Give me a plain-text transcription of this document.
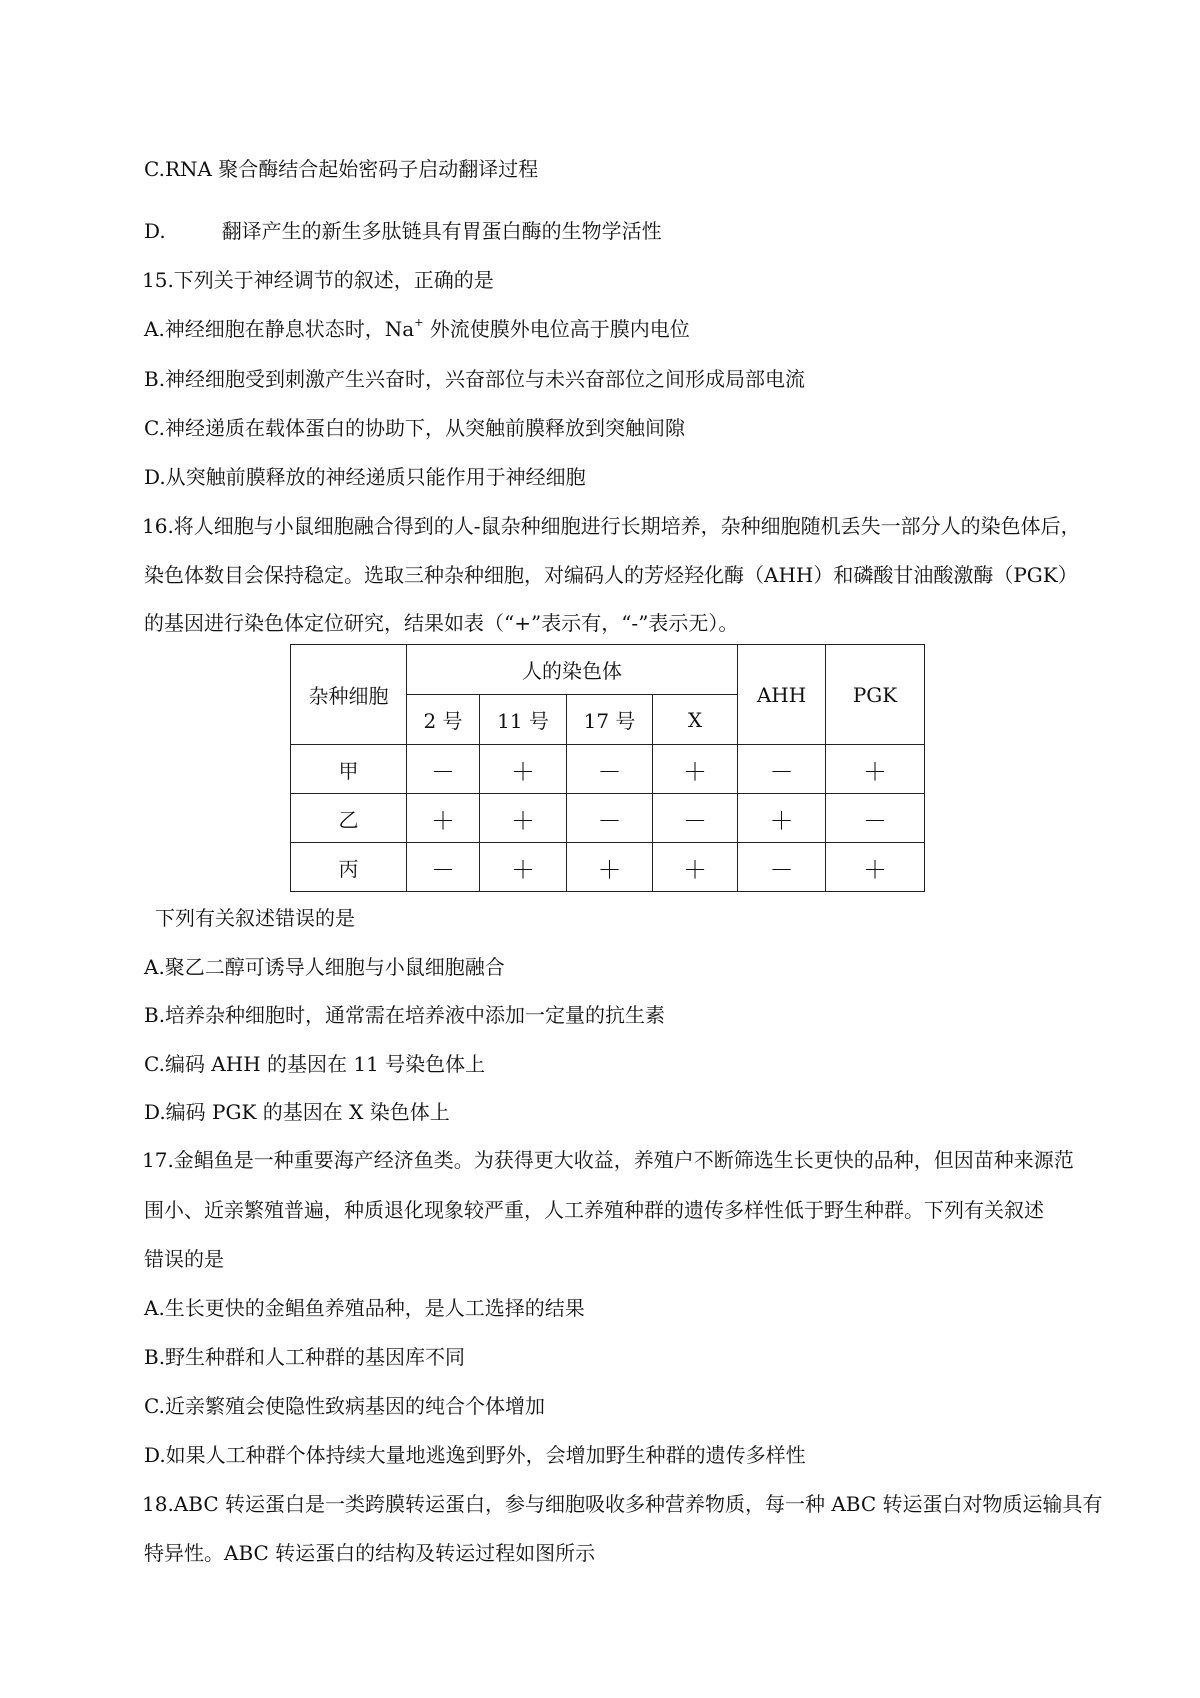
C.RNA 聚合酶结合起始密码子启动翻译过程
D.	翻译产生的新生多肽链具有胃蛋白酶的生物学活性
15.下列关于神经调节的叙述，正确的是
A.神经细胞在静息状态时，Na+ 外流使膜外电位高于膜内电位
B.神经细胞受到刺激产生兴奋时，兴奋部位与未兴奋部位之间形成局部电流
C.神经递质在载体蛋白的协助下，从突触前膜释放到突触间隙
D.从突触前膜释放的神经递质只能作用于神经细胞
16.将人细胞与小鼠细胞融合得到的人-鼠杂种细胞进行长期培养，杂种细胞随机丢失一部分人的染色体后，
染色体数目会保持稳定。选取三种杂种细胞，对编码人的芳烃羟化酶（AHH）和磷酸甘油酸激酶（PGK）
的基因进行染色体定位研究，结果如表（“+”表示有，“-”表示无）。
杂种细胞	人的染色体				AHH	PGK
	2 号	11 号	17 号	X		
甲	－	＋	－	＋	－	＋
乙	＋	＋	－	－	＋	－
丙	－	＋	＋	＋	－	＋
下列有关叙述错误的是
A.聚乙二醇可诱导人细胞与小鼠细胞融合
B.培养杂种细胞时，通常需在培养液中添加一定量的抗生素
C.编码 AHH 的基因在 11 号染色体上
D.编码 PGK 的基因在 X 染色体上
17.金鲳鱼是一种重要海产经济鱼类。为获得更大收益，养殖户不断筛选生长更快的品种，但因苗种来源范
围小、近亲繁殖普遍，种质退化现象较严重，人工养殖种群的遗传多样性低于野生种群。下列有关叙述
错误的是
A.生长更快的金鲳鱼养殖品种，是人工选择的结果
B.野生种群和人工种群的基因库不同
C.近亲繁殖会使隐性致病基因的纯合个体增加
D.如果人工种群个体持续大量地逃逸到野外，会增加野生种群的遗传多样性
18.ABC 转运蛋白是一类跨膜转运蛋白，参与细胞吸收多种营养物质，每一种 ABC 转运蛋白对物质运输具有
特异性。ABC 转运蛋白的结构及转运过程如图所示
